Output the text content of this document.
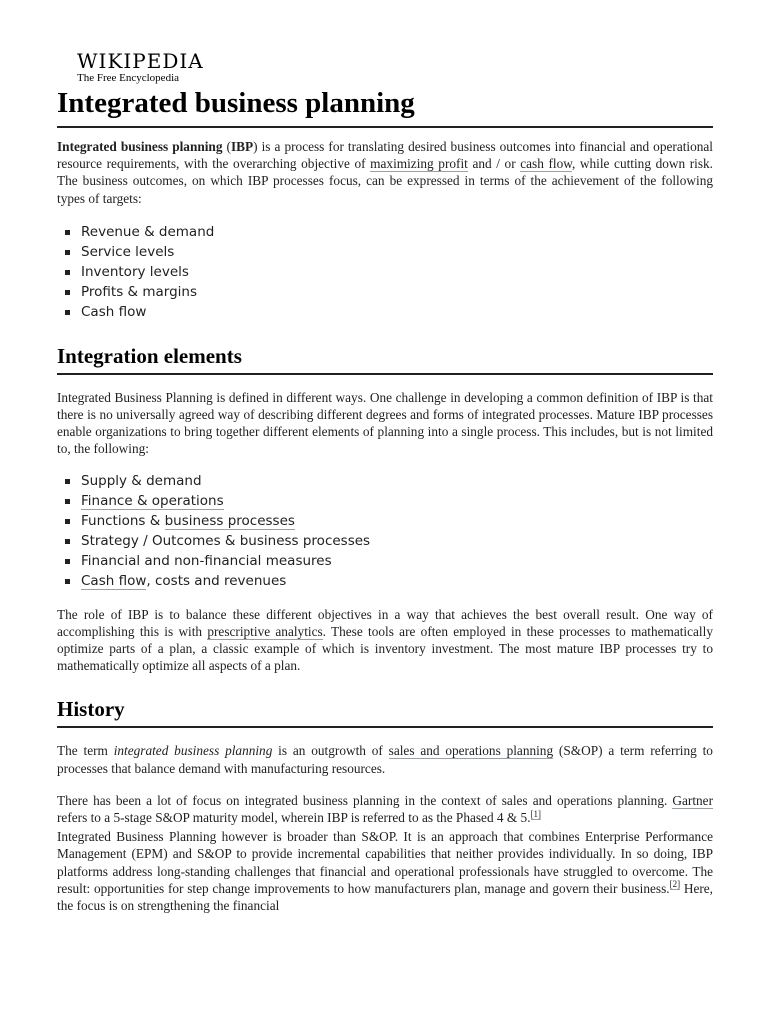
WIKIPEDIA
The Free Encyclopedia
Integrated business planning

Integrated business planning (IBP) is a process for translating desired business outcomes into financial and operational resource requirements, with the overarching objective of maximizing profit and / or cash flow, while cutting down risk. The business outcomes, on which IBP processes focus, can be expressed in terms of the achievement of the following types of targets:

Revenue & demand
Service levels
Inventory levels
Profits & margins
Cash flow
Integration elements

Integrated Business Planning is defined in different ways. One challenge in developing a common definition of IBP is that there is no universally agreed way of describing different degrees and forms of integrated processes. Mature IBP processes enable organizations to bring together different elements of planning into a single process. This includes, but is not limited to, the following:

Supply & demand
Finance & operations
Functions & business processes
Strategy / Outcomes & business processes
Financial and non-financial measures
Cash flow, costs and revenues

The role of IBP is to balance these different objectives in a way that achieves the best overall result. One way of accomplishing this is with prescriptive analytics. These tools are often employed in these processes to mathematically optimize parts of a plan, a classic example of which is inventory investment. The most mature IBP processes try to mathematically optimize all aspects of a plan.

History

The term integrated business planning is an outgrowth of sales and operations planning (S&OP) a term referring to processes that balance demand with manufacturing resources.

There has been a lot of focus on integrated business planning in the context of sales and operations planning. Gartner refers to a 5-stage S&OP maturity model, wherein IBP is referred to as the Phased 4 & 5.[1]

Integrated Business Planning however is broader than S&OP. It is an approach that combines Enterprise Performance Management (EPM) and S&OP to provide incremental capabilities that neither provides individually. In so doing, IBP platforms address long-standing challenges that financial and operational professionals have struggled to overcome. The result: opportunities for step change improvements to how manufacturers plan, manage and govern their business.[2] Here, the focus is on strengthening the financial
